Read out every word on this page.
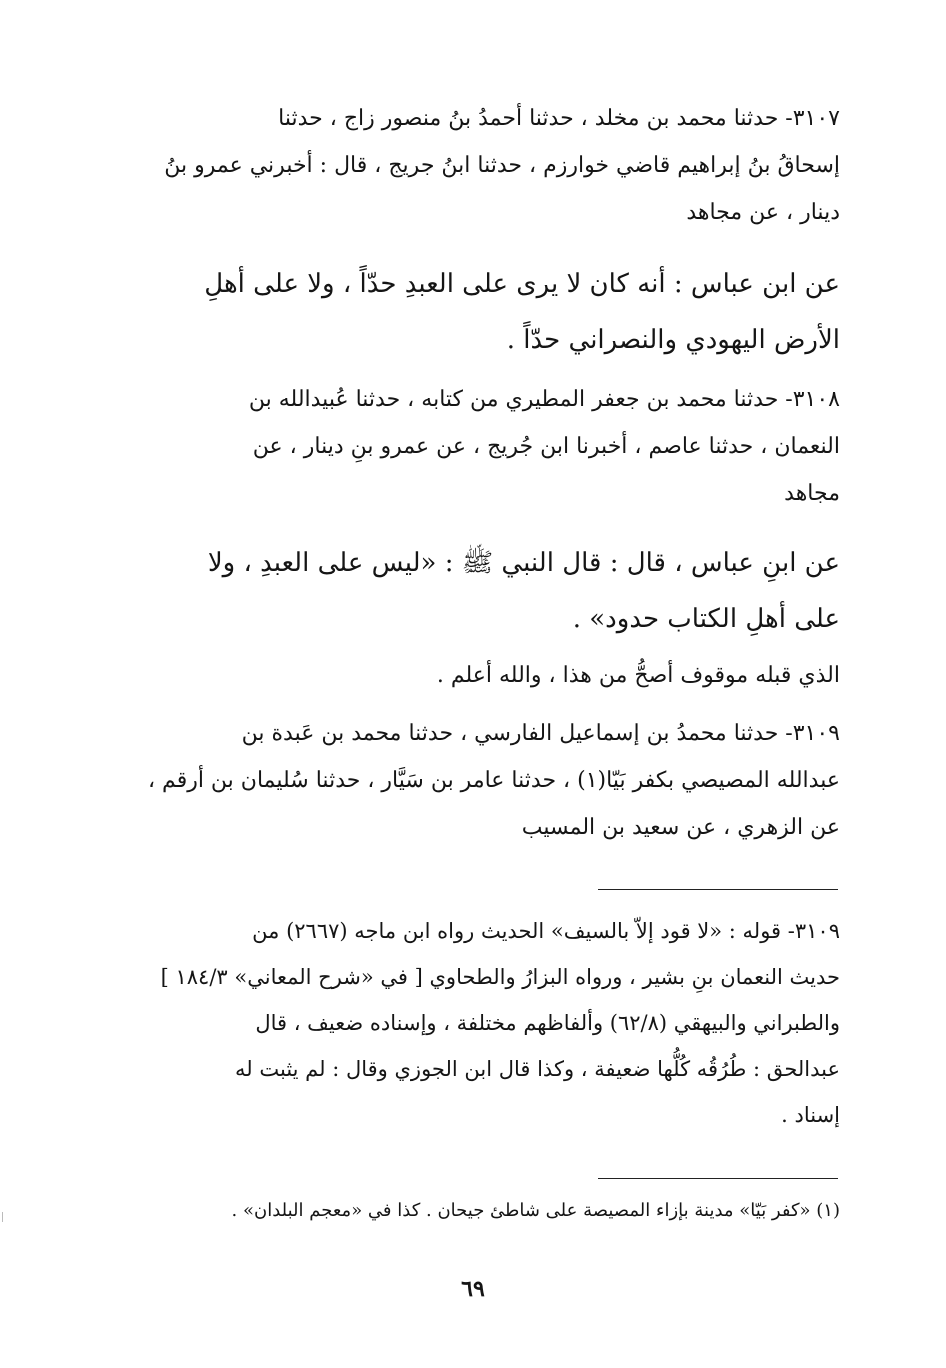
٣١٠٧- حدثنا محمد بن مخلد ، حدثنا أحمدُ بنُ منصور زاج ، حدثنا
إسحاقُ بنُ إبراهيم قاضي خوارزم ، حدثنا ابنُ جريج ، قال : أخبرني عمرو بنُ
دينار ، عن مجاهد
عن ابن عباس : أنه كان لا يرى على العبدِ حدّاً ، ولا على أهلِ
الأرض اليهودي والنصراني حدّاً .
٣١٠٨- حدثنا محمد بن جعفر المطيري من كتابه ، حدثنا عُبيدالله بن
النعمان ، حدثنا عاصم ، أخبرنا ابن جُريج ، عن عمرو بنِ دينار ، عن
مجاهد
عن ابنِ عباس ، قال : قال النبي ﷺ : «ليس على العبدِ ، ولا
على أهلِ الكتاب حدود» .
الذي قبله موقوف أصحُّ من هذا ، والله أعلم .
٣١٠٩- حدثنا محمدُ بن إسماعيل الفارسي ، حدثنا محمد بن عَبدة بن
عبدالله المصيصي بكفر بَيّا(١) ، حدثنا عامر بن سَيَّار ، حدثنا سُليمان بن أرقم ،
عن الزهري ، عن سعيد بن المسيب
٣١٠٩- قوله : «لا قود إلاّ بالسيف» الحديث رواه ابن ماجه (٢٦٦٧) من
حديث النعمان بنِ بشير ، ورواه البزارُ والطحاوي [ في «شرح المعاني» ١٨٤/٣ ]
والطبراني والبيهقي (٦٢/٨) وألفاظهم مختلفة ، وإسناده ضعيف ، قال
عبدالحق : طُرُقُه كُلُّها ضعيفة ، وكذا قال ابن الجوزي وقال : لم يثبت له
إسناد .
(١) «كفر بَيّا» مدينة بإزاء المصيصة على شاطئ جيحان . كذا في «معجم البلدان» .
٦٩
